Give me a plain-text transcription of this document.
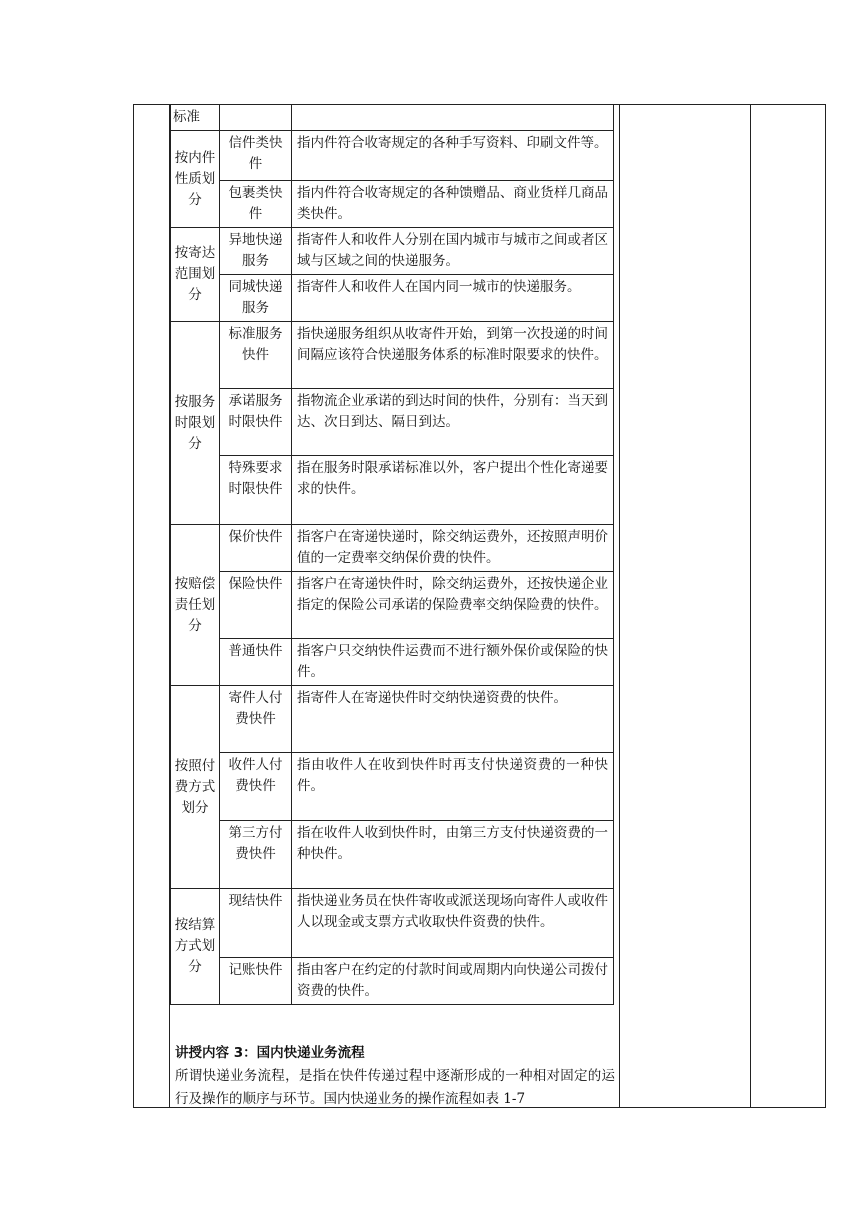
标准		
按内件性质划分	信件类快件	指内件符合收寄规定的各种手写资料、印刷文件等。
	包裹类快件	指内件符合收寄规定的各种馈赠品、商业货样几商品类快件。
按寄达范围划分	异地快递服务	指寄件人和收件人分别在国内城市与城市之间或者区域与区域之间的快递服务。
	同城快递服务	指寄件人和收件人在国内同一城市的快递服务。
按服务时限划分	标准服务快件	指快递服务组织从收寄件开始，到第一次投递的时间间隔应该符合快递服务体系的标准时限要求的快件。
	承诺服务时限快件	指物流企业承诺的到达时间的快件，分别有：当天到达、次日到达、隔日到达。
	特殊要求时限快件	指在服务时限承诺标准以外，客户提出个性化寄递要求的快件。
按赔偿责任划分	保价快件	指客户在寄递快递时，除交纳运费外，还按照声明价值的一定费率交纳保价费的快件。
	保险快件	指客户在寄递快件时，除交纳运费外，还按快递企业指定的保险公司承诺的保险费率交纳保险费的快件。
	普通快件	指客户只交纳快件运费而不进行额外保价或保险的快件。
按照付费方式划分	寄件人付费快件	指寄件人在寄递快件时交纳快递资费的快件。
	收件人付费快件	指由收件人在收到快件时再支付快递资费的一种快件。
	第三方付费快件	指在收件人收到快件时，由第三方支付快递资费的一种快件。
按结算方式划分	现结快件	指快递业务员在快件寄收或派送现场向寄件人或收件人以现金或支票方式收取快件资费的快件。
	记账快件	指由客户在约定的付款时间或周期内向快递公司拨付资费的快件。
讲授内容 3：国内快递业务流程
所谓快递业务流程，是指在快件传递过程中逐渐形成的一种相对固定的运行及操作的顺序与环节。国内快递业务的操作流程如表 1-7
